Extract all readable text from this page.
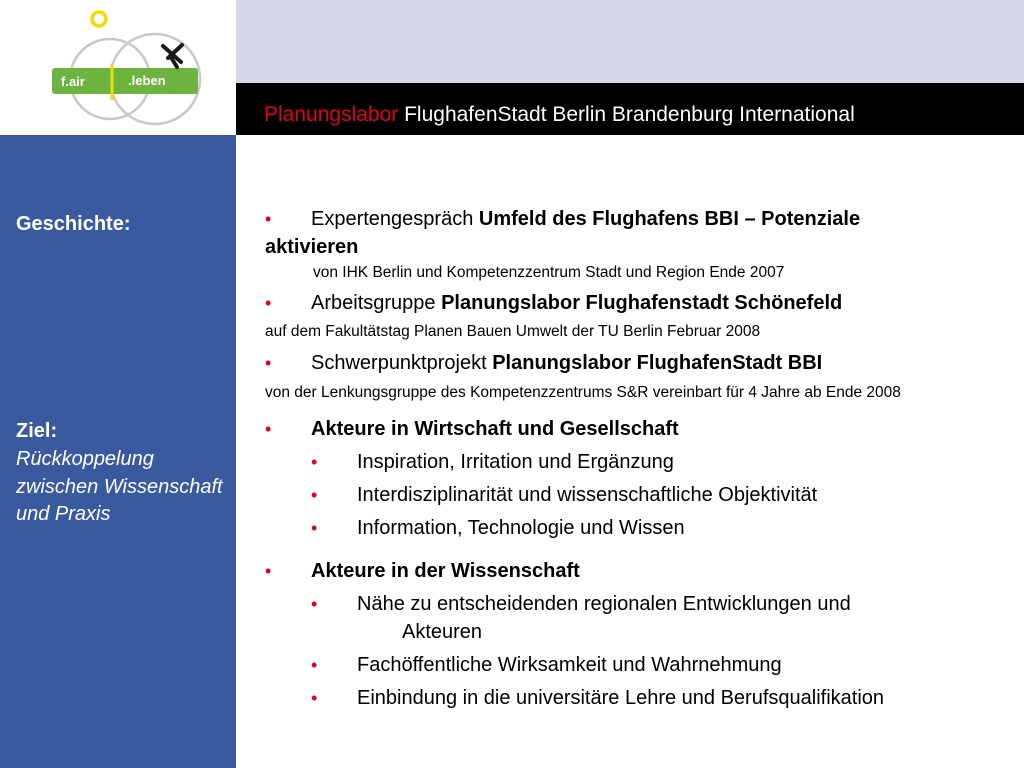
f.air	.leben
Planungslabor FlughafenStadt Berlin Brandenburg International
Geschichte:
Ziel:
Rückkoppelung zwischen Wissenschaft und Praxis
• Expertengespräch Umfeld des Flughafens BBI – Potenziale
aktivieren
von IHK Berlin und Kompetenzzentrum Stadt und Region Ende 2007
• Arbeitsgruppe Planungslabor Flughafenstadt Schönefeld
auf dem Fakultätstag Planen Bauen Umwelt der TU Berlin Februar 2008
• Schwerpunktprojekt Planungslabor FlughafenStadt BBI
von der Lenkungsgruppe des Kompetenzzentrums S&R vereinbart für 4 Jahre ab Ende 2008
• Akteure in Wirtschaft und Gesellschaft
• Inspiration, Irritation und Ergänzung
• Interdisziplinarität und wissenschaftliche Objektivität
• Information, Technologie und Wissen
• Akteure in der Wissenschaft
• Nähe zu entscheidenden regionalen Entwicklungen und
Akteuren
• Fachöffentliche Wirksamkeit und Wahrnehmung
• Einbindung in die universitäre Lehre und Berufsqualifikation
